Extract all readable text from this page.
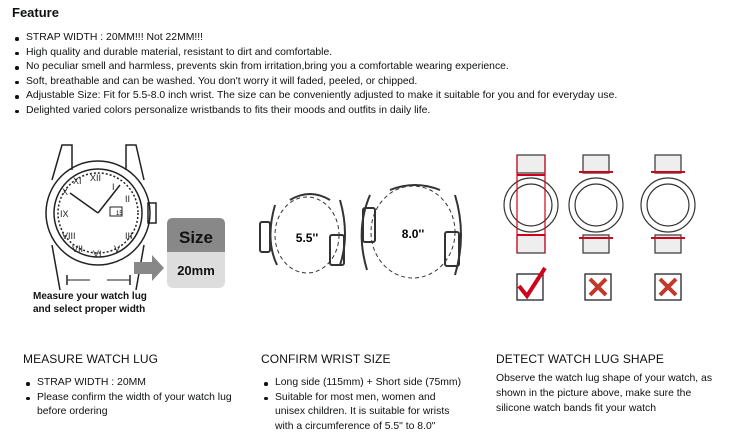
Feature
STRAP WIDTH : 20MM!!! Not 22MM!!!
High quality and durable material, resistant to dirt and comfortable.
No peculiar smell and harmless, prevents skin from irritation,bring you a comfortable wearing experience.
Soft, breathable and can be washed. You don't worry it will faded, peeled, or chipped.
Adjustable Size: Fit for 5.5-8.0 inch wrist. The size can be conveniently adjusted to make it suitable for you and for everyday use.
Delighted varied colors personalize wristbands to fits their moods and outfits in daily life.
15
XII
I
II
III
V
VI
VII
VIII
IX
X
XI
Size
20mm
Measure your watch lug
and select proper width
5.5''	8.0''
MEASURE WATCH LUG
STRAP WIDTH : 20MM
Please confirm the width of your watch lug before ordering
CONFIRM WRIST SIZE
Long side (115mm) + Short side (75mm)
Suitable for most men, women and unisex children. It is suitable for wrists with a circumference of 5.5" to 8.0"
DETECT WATCH LUG SHAPE

Observe the watch lug shape of your watch, as shown in the picture above, make sure the silicone watch bands fit your watch
